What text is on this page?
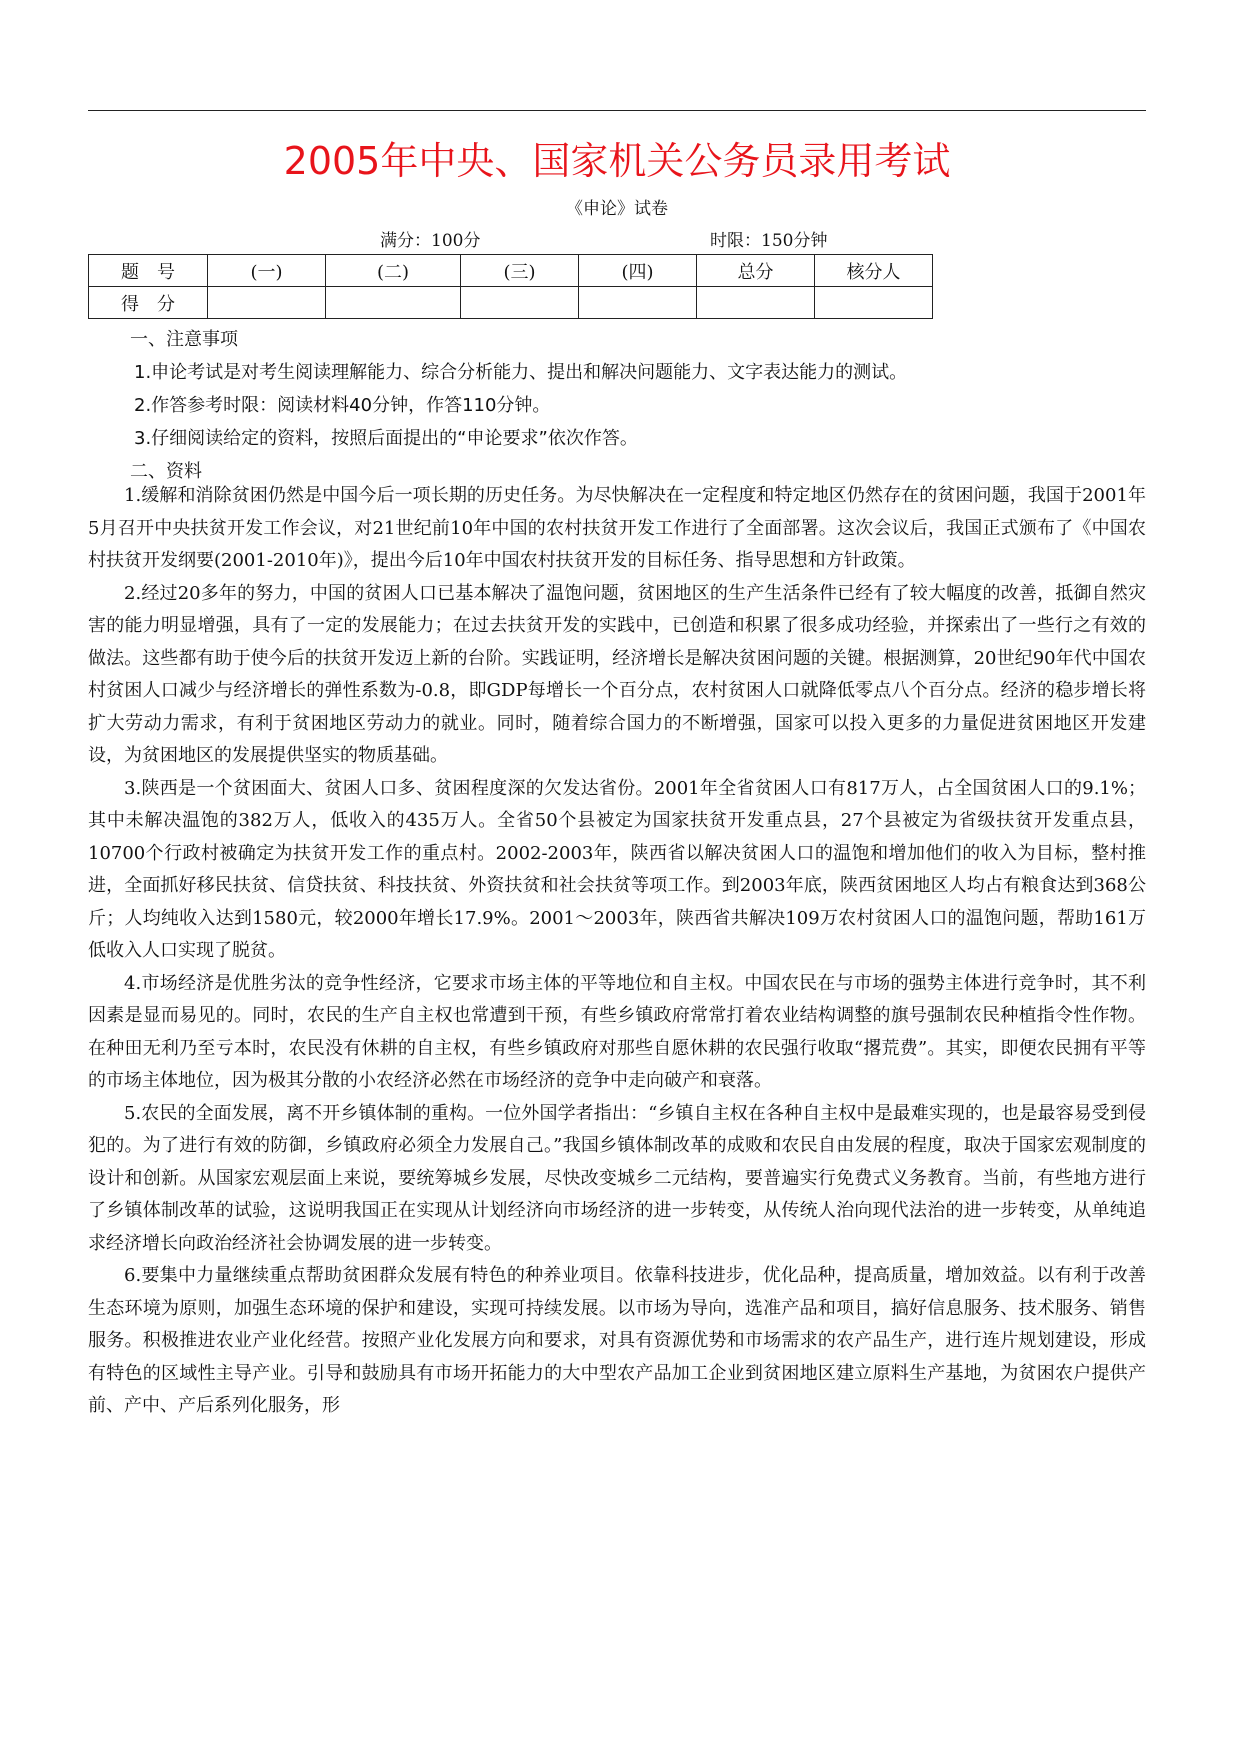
2005年中央、国家机关公务员录用考试
《申论》试卷
满分：100分	时限：150分钟
题　号	(一)	(二)	(三)	(四)	总分	核分人
得　分						
一、注意事项
1.申论考试是对考生阅读理解能力、综合分析能力、提出和解决问题能力、文字表达能力的测试。
2.作答参考时限：阅读材料40分钟，作答110分钟。
3.仔细阅读给定的资料，按照后面提出的“申论要求”依次作答。
二、资料

1.缓解和消除贫困仍然是中国今后一项长期的历史任务。为尽快解决在一定程度和特定地区仍然存在的贫困问题，我国于2001年5月召开中央扶贫开发工作会议，对21世纪前10年中国的农村扶贫开发工作进行了全面部署。这次会议后，我国正式颁布了《中国农村扶贫开发纲要(2001-2010年)》，提出今后10年中国农村扶贫开发的目标任务、指导思想和方针政策。

2.经过20多年的努力，中国的贫困人口已基本解决了温饱问题，贫困地区的生产生活条件已经有了较大幅度的改善，抵御自然灾害的能力明显增强，具有了一定的发展能力；在过去扶贫开发的实践中，已创造和积累了很多成功经验，并探索出了一些行之有效的做法。这些都有助于使今后的扶贫开发迈上新的台阶。实践证明，经济增长是解决贫困问题的关键。根据测算，20世纪90年代中国农村贫困人口减少与经济增长的弹性系数为-0.8，即GDP每增长一个百分点，农村贫困人口就降低零点八个百分点。经济的稳步增长将扩大劳动力需求，有利于贫困地区劳动力的就业。同时，随着综合国力的不断增强，国家可以投入更多的力量促进贫困地区开发建设，为贫困地区的发展提供坚实的物质基础。

3.陕西是一个贫困面大、贫困人口多、贫困程度深的欠发达省份。2001年全省贫困人口有817万人，占全国贫困人口的9.1%；其中未解决温饱的382万人，低收入的435万人。全省50个县被定为国家扶贫开发重点县，27个县被定为省级扶贫开发重点县，10700个行政村被确定为扶贫开发工作的重点村。2002-2003年，陕西省以解决贫困人口的温饱和增加他们的收入为目标，整村推进，全面抓好移民扶贫、信贷扶贫、科技扶贫、外资扶贫和社会扶贫等项工作。到2003年底，陕西贫困地区人均占有粮食达到368公斤；人均纯收入达到1580元，较2000年增长17.9%。2001～2003年，陕西省共解决109万农村贫困人口的温饱问题，帮助161万低收入人口实现了脱贫。

4.市场经济是优胜劣汰的竞争性经济，它要求市场主体的平等地位和自主权。中国农民在与市场的强势主体进行竞争时，其不利因素是显而易见的。同时，农民的生产自主权也常遭到干预，有些乡镇政府常常打着农业结构调整的旗号强制农民种植指令性作物。在种田无利乃至亏本时，农民没有休耕的自主权，有些乡镇政府对那些自愿休耕的农民强行收取“撂荒费”。其实，即便农民拥有平等的市场主体地位，因为极其分散的小农经济必然在市场经济的竞争中走向破产和衰落。

5.农民的全面发展，离不开乡镇体制的重构。一位外国学者指出：“乡镇自主权在各种自主权中是最难实现的，也是最容易受到侵犯的。为了进行有效的防御，乡镇政府必须全力发展自己。”我国乡镇体制改革的成败和农民自由发展的程度，取决于国家宏观制度的设计和创新。从国家宏观层面上来说，要统筹城乡发展，尽快改变城乡二元结构，要普遍实行免费式义务教育。当前，有些地方进行了乡镇体制改革的试验，这说明我国正在实现从计划经济向市场经济的进一步转变，从传统人治向现代法治的进一步转变，从单纯追求经济增长向政治经济社会协调发展的进一步转变。

6.要集中力量继续重点帮助贫困群众发展有特色的种养业项目。依靠科技进步，优化品种，提高质量，增加效益。以有利于改善生态环境为原则，加强生态环境的保护和建设，实现可持续发展。以市场为导向，选准产品和项目，搞好信息服务、技术服务、销售服务。积极推进农业产业化经营。按照产业化发展方向和要求，对具有资源优势和市场需求的农产品生产，进行连片规划建设，形成有特色的区域性主导产业。引导和鼓励具有市场开拓能力的大中型农产品加工企业到贫困地区建立原料生产基地，为贫困农户提供产前、产中、产后系列化服务，形
